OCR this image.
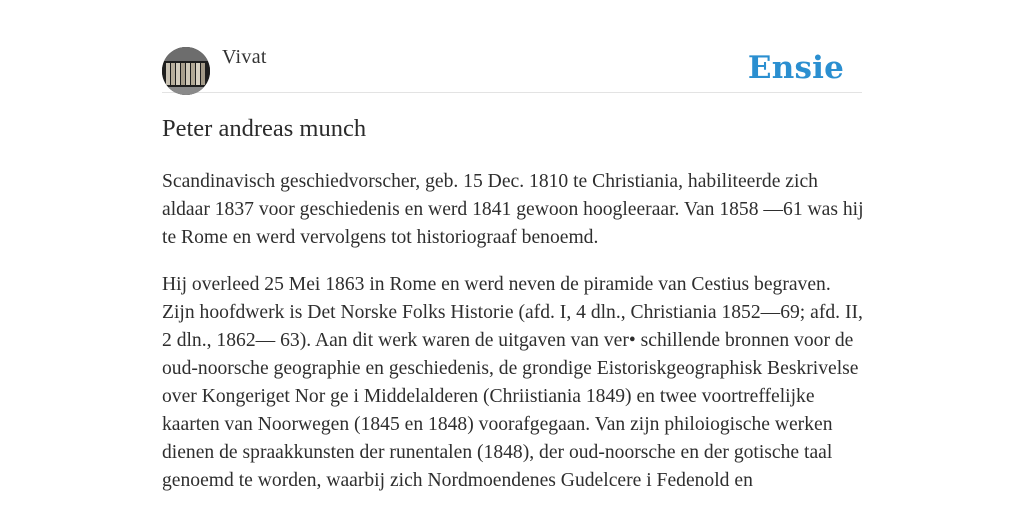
Vivat	Ensie
Peter andreas munch

Scandinavisch geschiedvorscher, geb. 15 Dec. 1810 te Christiania, habiliteerde zich aldaar 1837 voor geschiedenis en werd 1841 gewoon hoogleeraar. Van 1858 —61 was hij te Rome en werd vervolgens tot historiograaf benoemd.

Hij overleed 25 Mei 1863 in Rome en werd neven de piramide van Cestius begraven. Zijn hoofdwerk is Det Norske Folks Historie (afd. I, 4 dln., Christiania 1852—69; afd. II, 2 dln., 1862— 63). Aan dit werk waren de uitgaven van ver• schillende bronnen voor de oud-noorsche geographie en geschiedenis, de grondige Eistoriskgeographisk Beskrivelse over Kongeriget Nor ge i Middelalderen (Chriistiania 1849) en twee voortreffelijke kaarten van Noorwegen (1845 en 1848) voorafgegaan. Van zijn philoiogische werken dienen de spraakkunsten der runentalen (1848), der oud-noorsche en der gotische taal genoemd te worden, waarbij zich Nordmoendenes Gudelcere i Fedenold en
